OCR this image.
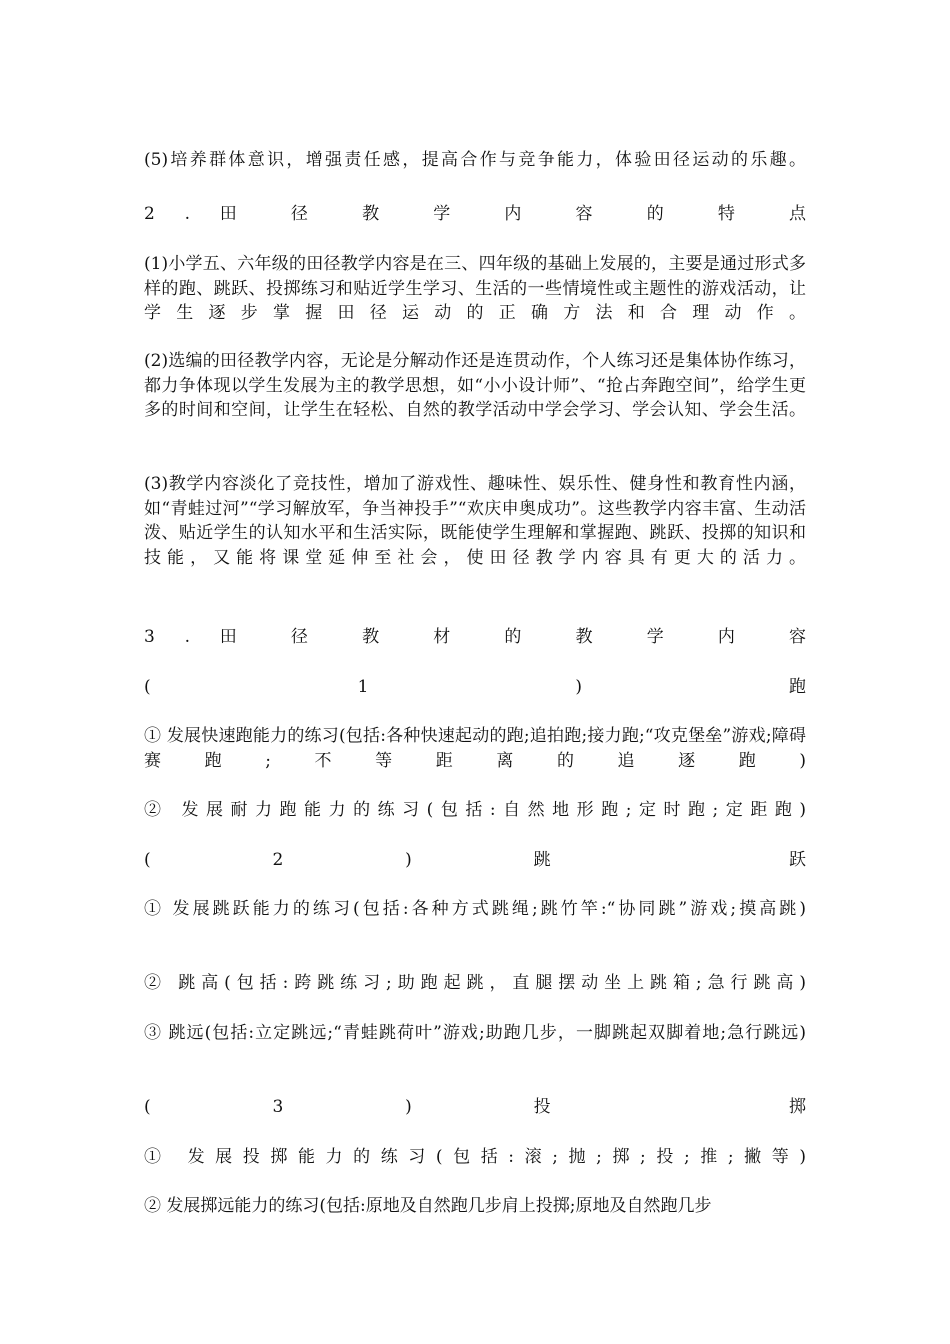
(5)培养群体意识，增强责任感，提高合作与竞争能力，体验田径运动的乐趣。

2 . 田 径 教 学 内 容 的 特 点

(1)小学五、六年级的田径教学内容是在三、四年级的基础上发展的，主要是通过形式多样的跑、跳跃、投掷练习和贴近学生学习、生活的一些情境性或主题性的游戏活动，让学生逐步掌握田径运动的正确方法和合理动作。

(2)选编的田径教学内容，无论是分解动作还是连贯动作，个人练习还是集体协作练习，都力争体现以学生发展为主的教学思想，如“小小设计师”、“抢占奔跑空间”，给学生更多的时间和空间，让学生在轻松、自然的教学活动中学会学习、学会认知、学会生活。

(3)教学内容淡化了竞技性，增加了游戏性、趣味性、娱乐性、健身性和教育性内涵，如“青蛙过河”“学习解放军，争当神投手”“欢庆申奥成功”。这些教学内容丰富、生动活泼、贴近学生的认知水平和生活实际，既能使学生理解和掌握跑、跳跃、投掷的知识和技能，又能将课堂延伸至社会，使田径教学内容具有更大的活力。

3 . 田 径 教 材 的 教 学 内 容

( 1 ) 跑

① 发展快速跑能力的练习(包括:各种快速起动的跑;追拍跑;接力跑;“攻克堡垒”游戏;障碍赛跑;不等距离的追逐跑)

② 发展耐力跑能力的练习(包括:自然地形跑;定时跑;定距跑)

( 2 ) 跳 跃

① 发展跳跃能力的练习(包括:各种方式跳绳;跳竹竿:“协同跳”游戏;摸高跳)

② 跳高(包括:跨跳练习;助跑起跳，直腿摆动坐上跳箱;急行跳高)

③ 跳远(包括:立定跳远;“青蛙跳荷叶”游戏;助跑几步，一脚跳起双脚着地;急行跳远)

( 3 ) 投 掷

① 发展投掷能力的练习(包括:滚;抛;掷;投;推;撇等)

② 发展掷远能力的练习(包括:原地及自然跑几步肩上投掷;原地及自然跑几步
